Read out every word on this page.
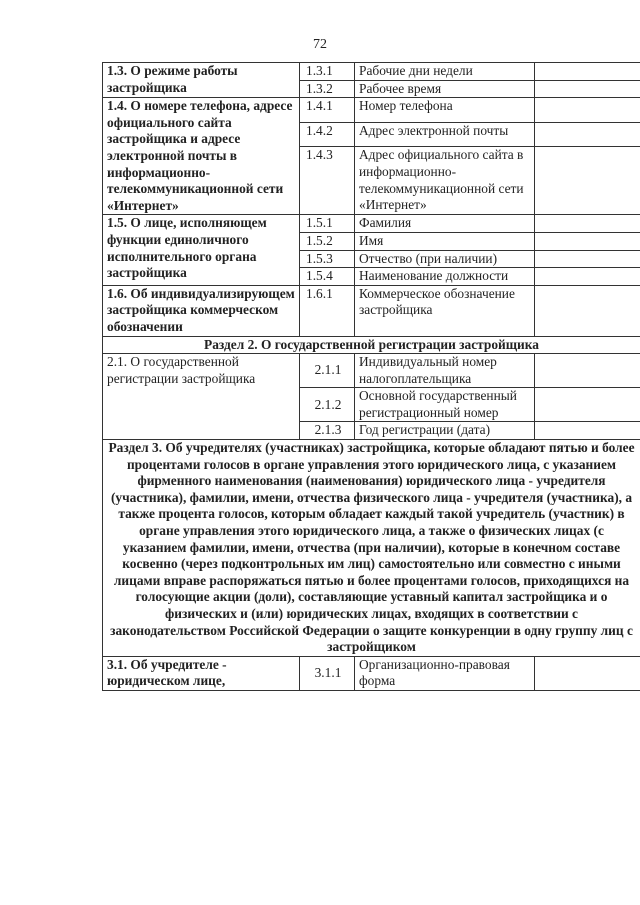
72
1.3. О режиме работы застройщика	1.3.1	Рабочие дни недели	
	1.3.2	Рабочее время	
1.4. О номере телефона, адресе официального сайта застройщика и адресе электронной почты в информационно-телекоммуникационной сети «Интернет»	1.4.1	Номер телефона	
	1.4.2	Адрес электронной почты	
	1.4.3	Адрес официального сайта в информационно-телекоммуникационной сети «Интернет»	
1.5. О лице, исполняющем функции единоличного исполнительного органа застройщика	1.5.1	Фамилия	
	1.5.2	Имя	
	1.5.3	Отчество (при наличии)	
	1.5.4	Наименование должности	
1.6. Об индивидуализирующем застройщика коммерческом обозначении	1.6.1	Коммерческое обозначение застройщика	
Раздел 2. О государственной регистрации застройщика			
2.1. О государственной регистрации застройщика	2.1.1	Индивидуальный номер налогоплательщика	
	2.1.2	Основной государственный регистрационный номер	
	2.1.3	Год регистрации (дата)	
Раздел 3. Об учредителях (участниках) застройщика, которые обладают пятью и более процентами голосов в органе управления этого юридического лица, с указанием фирменного наименования (наименования) юридического лица - учредителя (участника), фамилии, имени, отчества физического лица - учредителя (участника), а также процента голосов, которым обладает каждый такой учредитель (участник) в органе управления этого юридического лица, а также о физических лицах (с указанием фамилии, имени, отчества (при наличии), которые в конечном составе косвенно (через подконтрольных им лиц) самостоятельно или совместно с иными лицами вправе распоряжаться пятью и более процентами голосов, приходящихся на голосующие акции (доли), составляющие уставный капитал застройщика и о физических и (или) юридических лицах, входящих в соответствии с законодательством Российской Федерации о защите конкуренции в одну группу лиц с застройщиком			
3.1. Об учредителе - юридическом лице,	3.1.1	Организационно-правовая форма	
